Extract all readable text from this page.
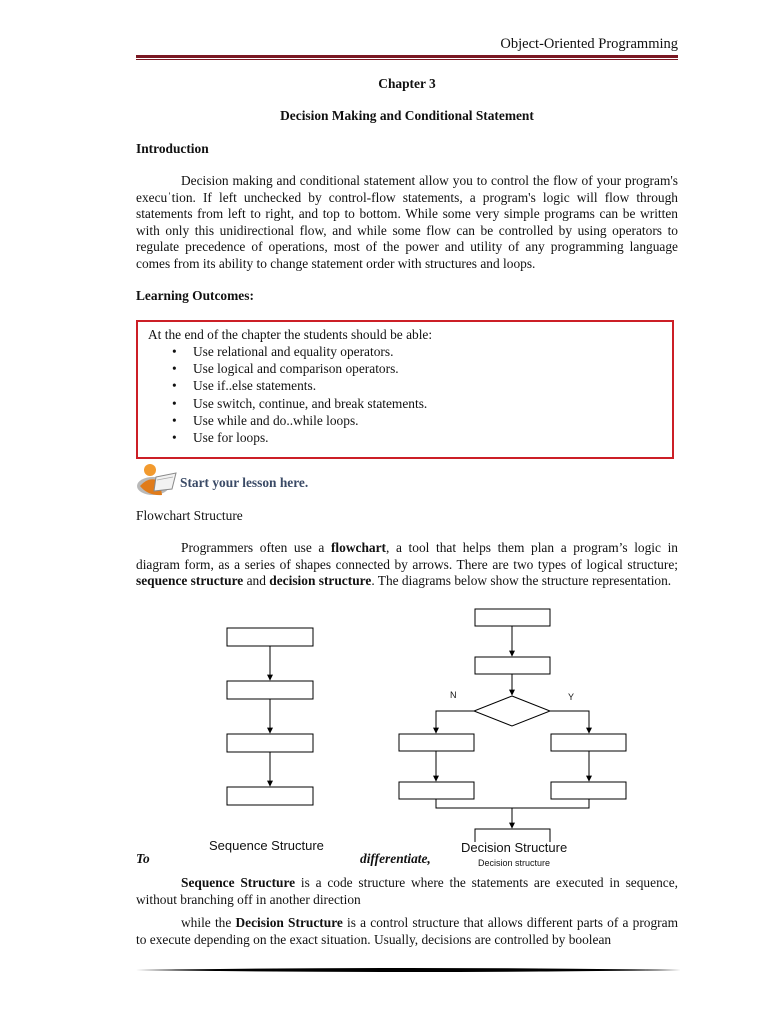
Object-Oriented Programming
Chapter 3
Decision Making and Conditional Statement
Introduction
Decision making and conditional statement allow you to control the flow of your program's execuˈtion. If left unchecked by control-flow statements, a program's logic will flow through statements from left to right, and top to bottom. While some very simple programs can be written with only this unidirectional flow, and while some flow can be controlled by using operators to regulate precedence of operations, most of the power and utility of any programming language comes from its ability to change statement order with structures and loops.
Learning Outcomes:
At the end of the chapter the students should be able:
• Use relational and equality operators.
• Use logical and comparison operators.
• Use if..else statements.
• Use switch, continue, and break statements.
• Use while and do..while loops.
• Use for loops.
Start your lesson here.
Flowchart Structure
Programmers often use a flowchart, a tool that helps them plan a program’s logic in diagram form, as a series of shapes connected by arrows. There are two types of logical structure; sequence structure and decision structure. The diagrams below show the structure representation.
N	Y
Sequence Structure	Decision Structure
Decision structure
To	differentiate,
Sequence Structure is a code structure where the statements are executed in sequence, without branching off in another direction
while the Decision Structure is a control structure that allows different parts of a program to execute depending on the exact situation. Usually, decisions are controlled by boolean
